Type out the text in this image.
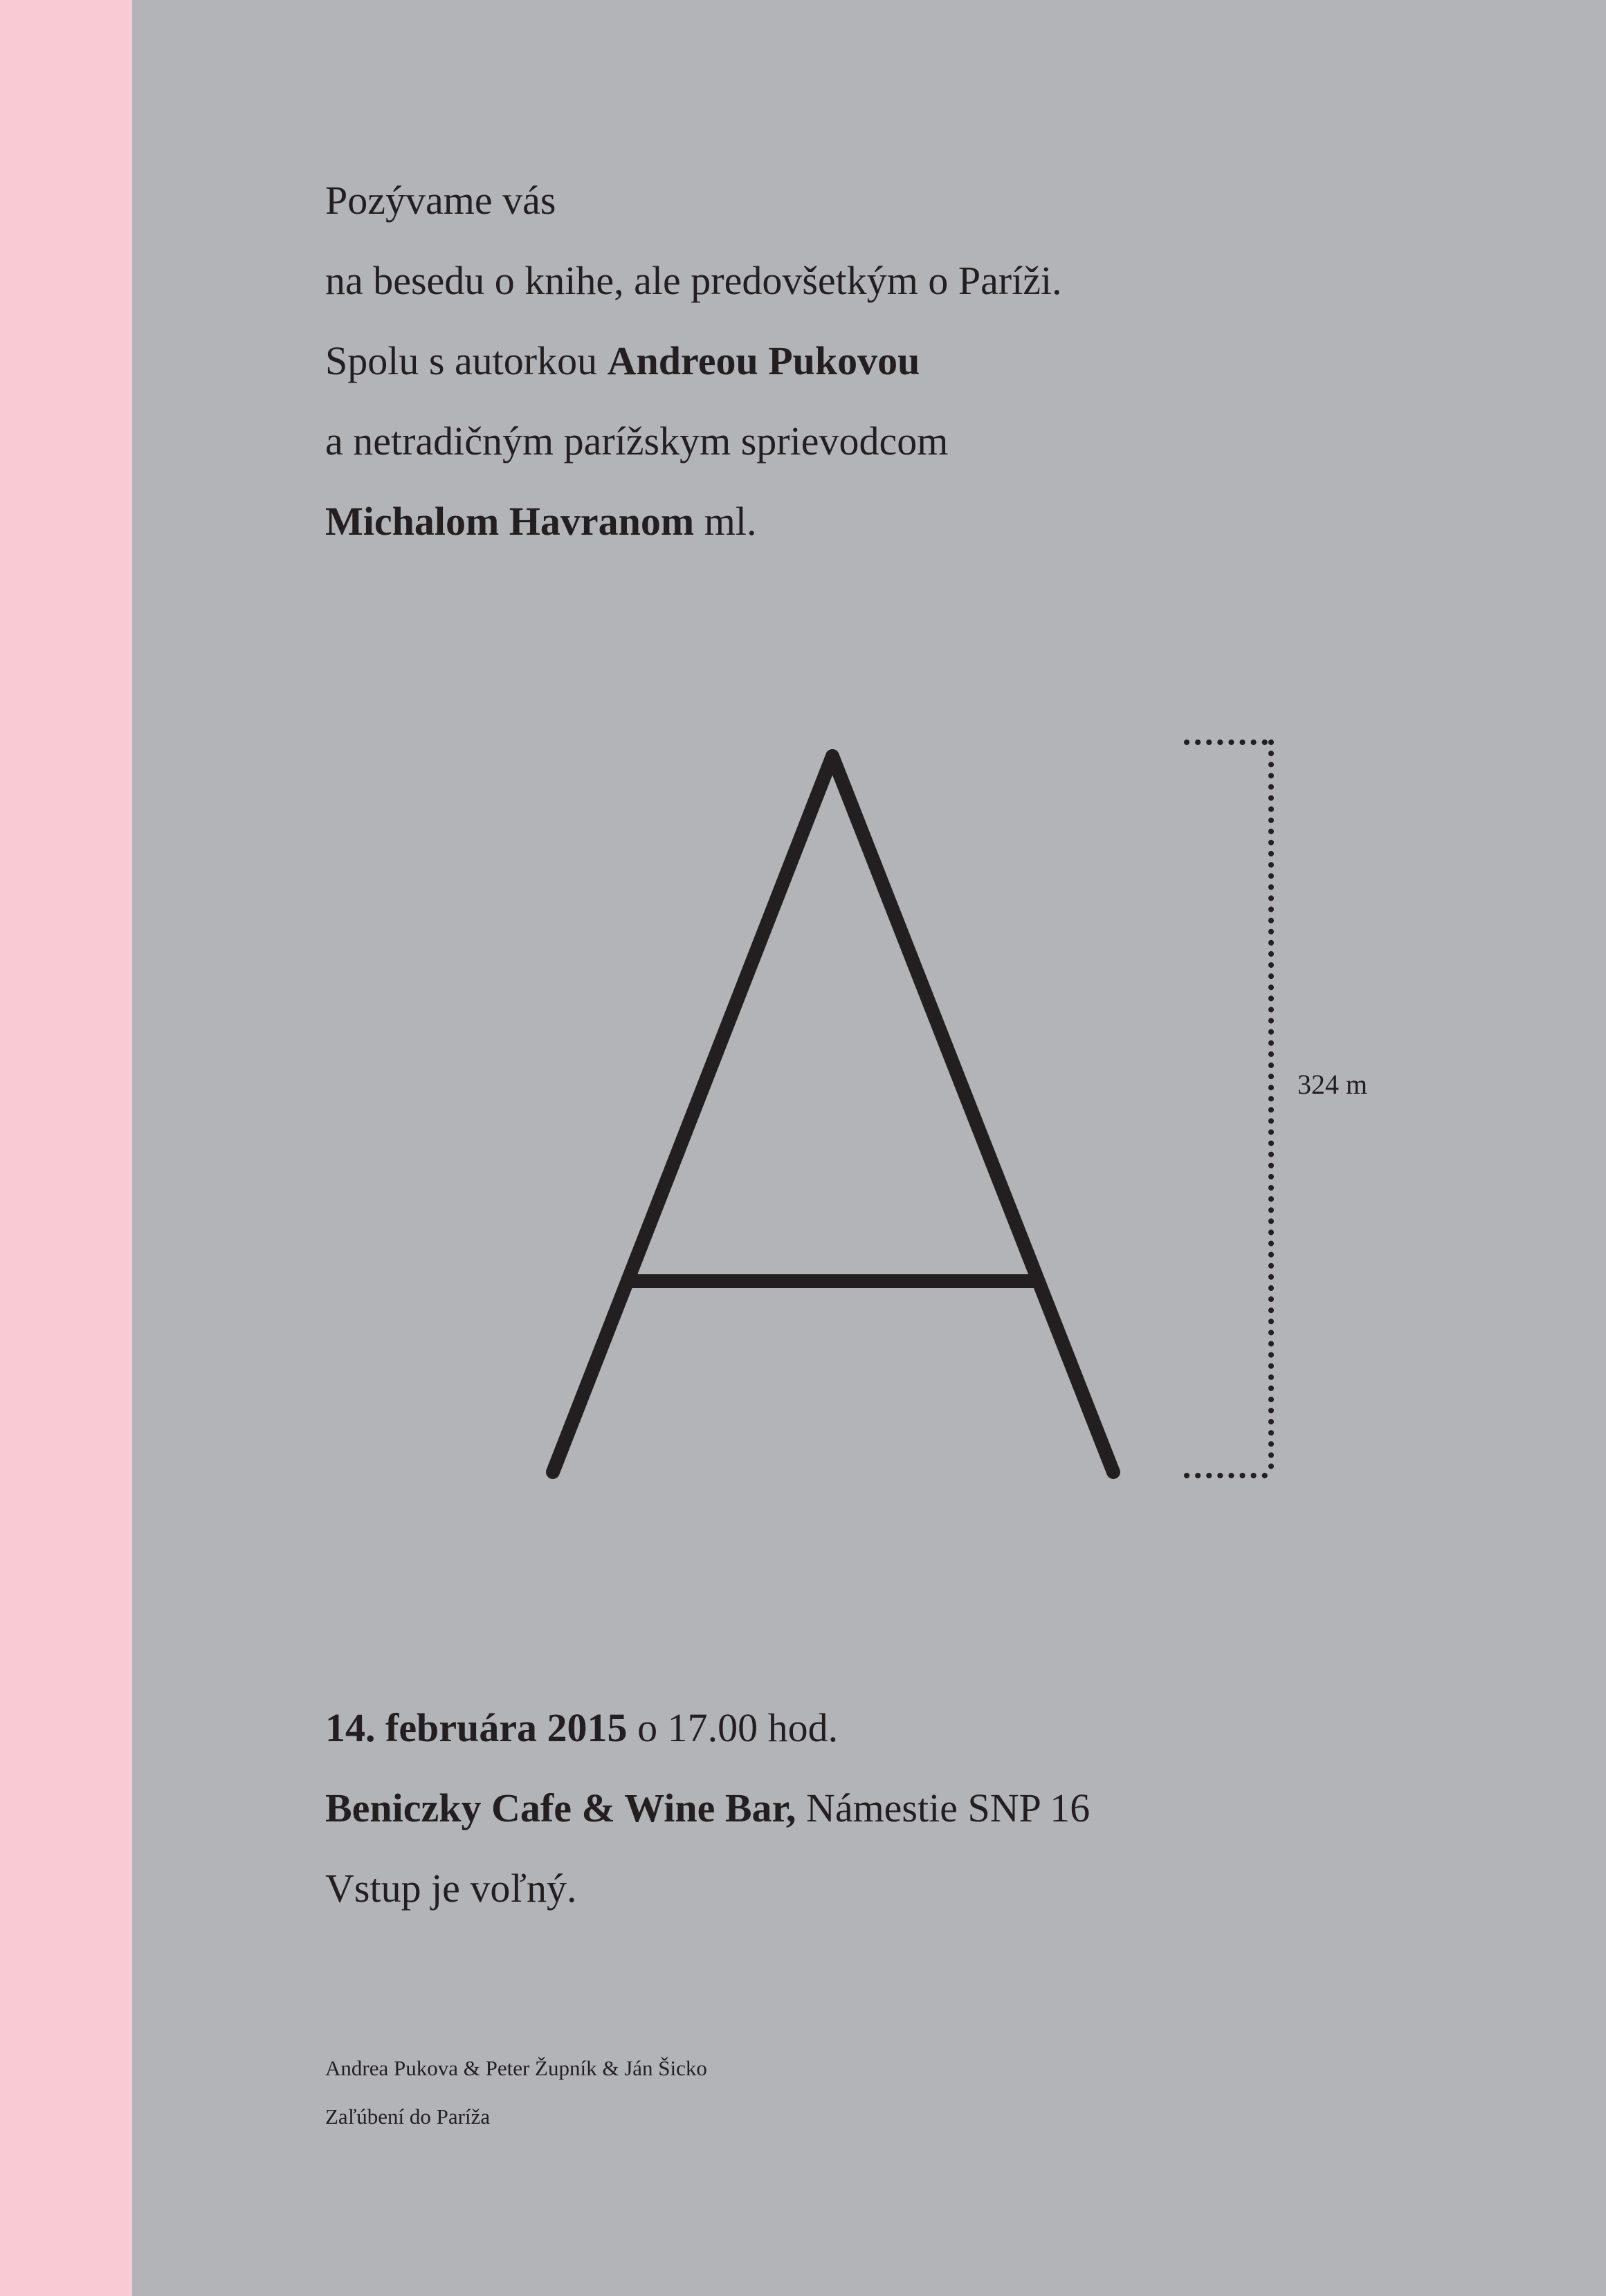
Pozývame vás
na besedu o knihe, ale predovšetkým o Paríži.
Spolu s autorkou Andreou Pukovou
a netradičným parížskym sprievodcom
Michalom Havranom ml.
324 m
14. februára 2015 o 17.00 hod.
Beniczky Cafe & Wine Bar, Námestie SNP 16
Vstup je voľný.
Andrea Pukova & Peter Župník & Ján Šicko
Zaľúbení do Paríža
